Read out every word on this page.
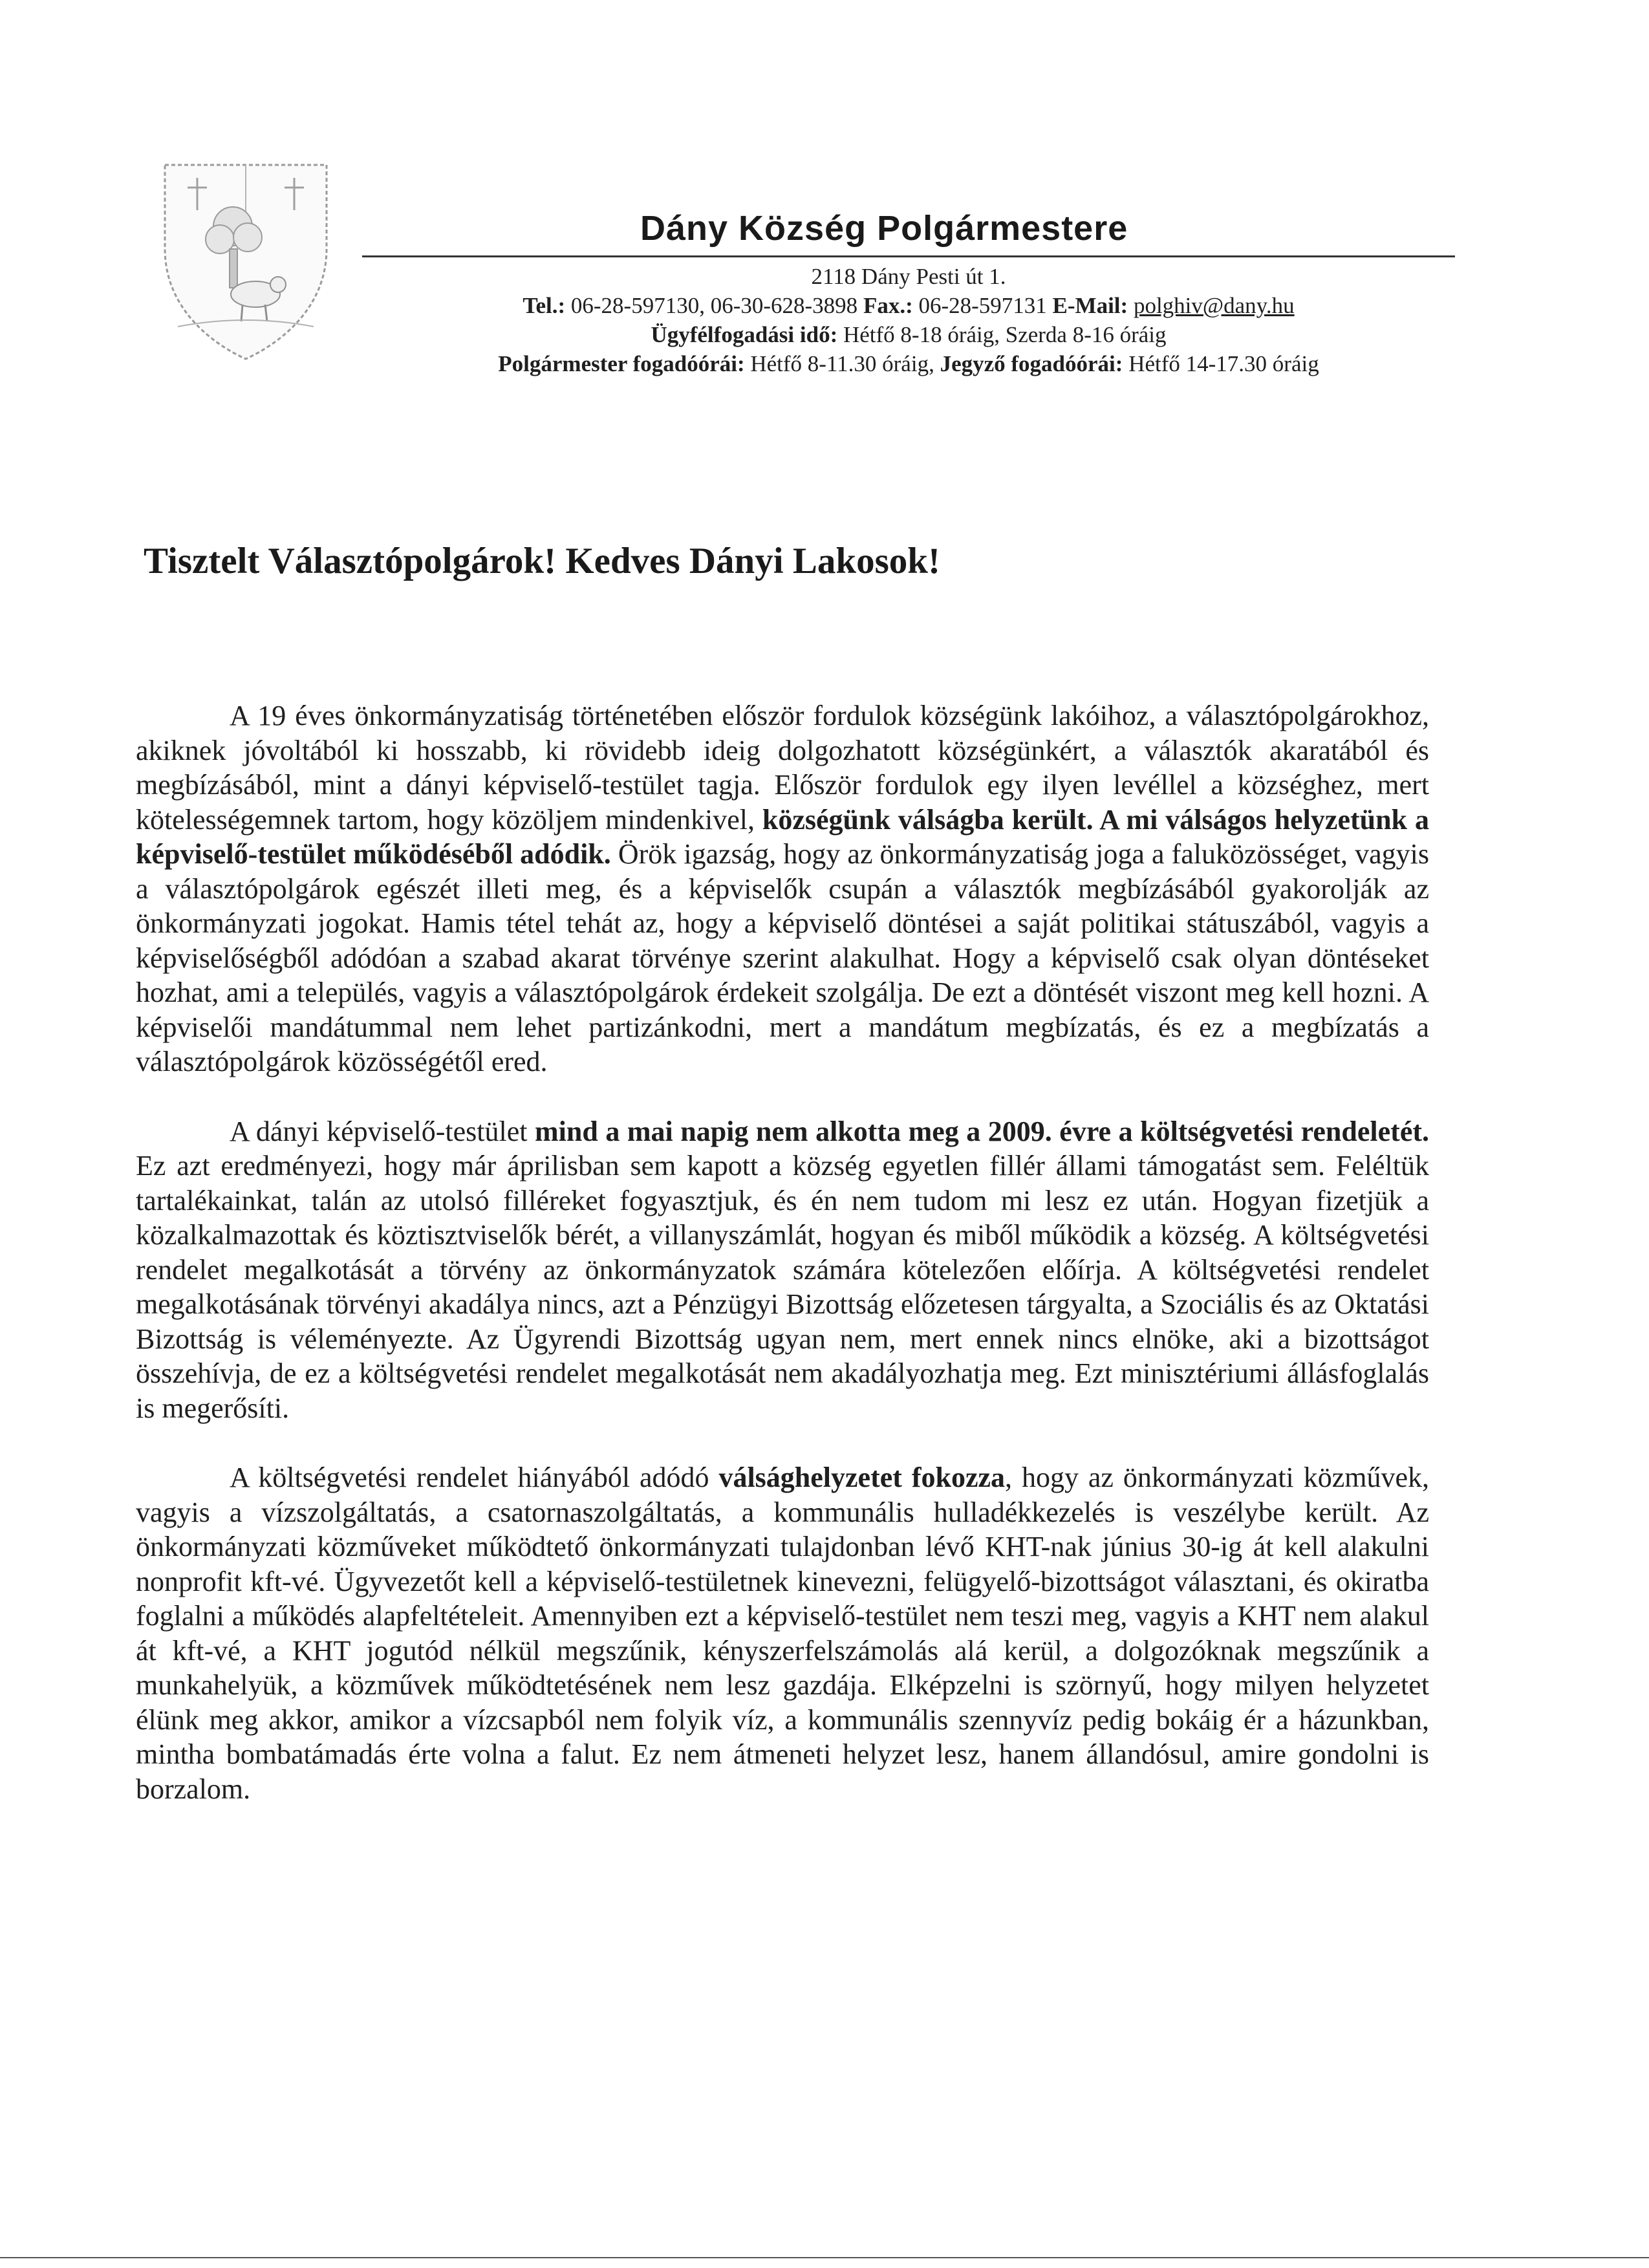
Dány Község Polgármestere
2118 Dány Pesti út 1.
Tel.: 06-28-597130, 06-30-628-3898 Fax.: 06-28-597131 E-Mail: polghiv@dany.hu
Ügyfélfogadási idő: Hétfő 8-18 óráig, Szerda 8-16 óráig
Polgármester fogadóórái: Hétfő 8-11.30 óráig, Jegyző fogadóórái: Hétfő 14-17.30 óráig
Tisztelt Választópolgárok! Kedves Dányi Lakosok!

A 19 éves önkormányzatiság történetében először fordulok községünk lakóihoz, a választópolgárokhoz, akiknek jóvoltából ki hosszabb, ki rövidebb ideig dolgozhatott községünkért, a választók akaratából és megbízásából, mint a dányi képviselő-testület tagja. Először fordulok egy ilyen levéllel a községhez, mert kötelességemnek tartom, hogy közöljem mindenkivel, községünk válságba került. A mi válságos helyzetünk a képviselő-testület működéséből adódik. Örök igazság, hogy az önkormányzatiság joga a faluközösséget, vagyis a választópolgárok egészét illeti meg, és a képviselők csupán a választók megbízásából gyakorolják az önkormányzati jogokat. Hamis tétel tehát az, hogy a képviselő döntései a saját politikai státuszából, vagyis a képviselőségből adódóan a szabad akarat törvénye szerint alakulhat. Hogy a képviselő csak olyan döntéseket hozhat, ami a település, vagyis a választópolgárok érdekeit szolgálja. De ezt a döntését viszont meg kell hozni. A képviselői mandátummal nem lehet partizánkodni, mert a mandátum megbízatás, és ez a megbízatás a választópolgárok közösségétől ered.

A dányi képviselő-testület mind a mai napig nem alkotta meg a 2009. évre a költségvetési rendeletét. Ez azt eredményezi, hogy már áprilisban sem kapott a község egyetlen fillér állami támogatást sem. Feléltük tartalékainkat, talán az utolsó filléreket fogyasztjuk, és én nem tudom mi lesz ez után. Hogyan fizetjük a közalkalmazottak és köztisztviselők bérét, a villanyszámlát, hogyan és miből működik a község. A költségvetési rendelet megalkotását a törvény az önkormányzatok számára kötelezően előírja. A költségvetési rendelet megalkotásának törvényi akadálya nincs, azt a Pénzügyi Bizottság előzetesen tárgyalta, a Szociális és az Oktatási Bizottság is véleményezte. Az Ügyrendi Bizottság ugyan nem, mert ennek nincs elnöke, aki a bizottságot összehívja, de ez a költségvetési rendelet megalkotását nem akadályozhatja meg. Ezt minisztériumi állásfoglalás is megerősíti.

A költségvetési rendelet hiányából adódó válsághelyzetet fokozza, hogy az önkormányzati közművek, vagyis a vízszolgáltatás, a csatornaszolgáltatás, a kommunális hulladékkezelés is veszélybe került. Az önkormányzati közműveket működtető önkormányzati tulajdonban lévő KHT-nak június 30-ig át kell alakulni nonprofit kft-vé. Ügyvezetőt kell a képviselő-testületnek kinevezni, felügyelő-bizottságot választani, és okiratba foglalni a működés alapfeltételeit. Amennyiben ezt a képviselő-testület nem teszi meg, vagyis a KHT nem alakul át kft-vé, a KHT jogutód nélkül megszűnik, kényszerfelszámolás alá kerül, a dolgozóknak megszűnik a munkahelyük, a közművek működtetésének nem lesz gazdája. Elképzelni is szörnyű, hogy milyen helyzetet élünk meg akkor, amikor a vízcsapból nem folyik víz, a kommunális szennyvíz pedig bokáig ér a házunkban, mintha bombatámadás érte volna a falut. Ez nem átmeneti helyzet lesz, hanem állandósul, amire gondolni is borzalom.
